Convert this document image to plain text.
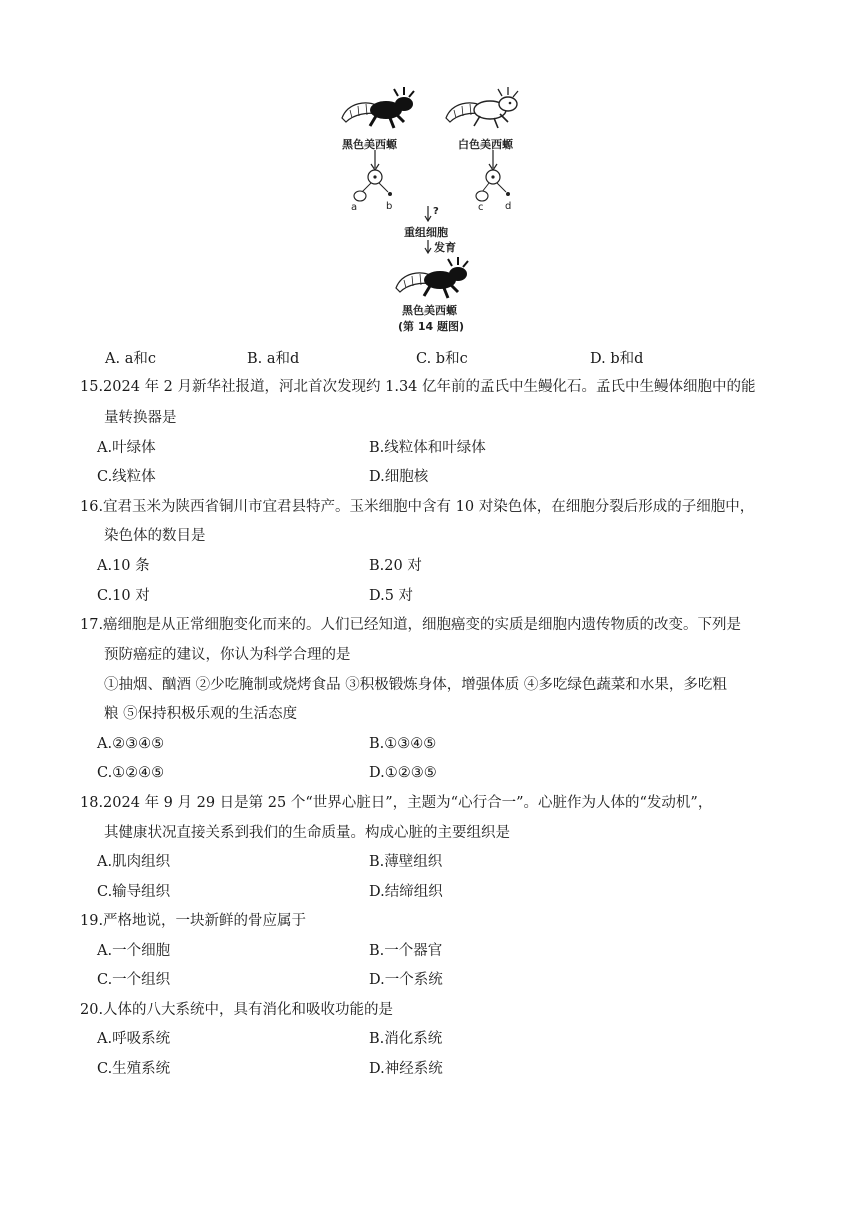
黑色美西螈	白色美西螈
a	b	c d
?
重组细胞
发育
黑色美西螈
(第 14 题图)
A. a和c	B. a和d	C. b和c	D. b和d
15.2024 年 2 月新华社报道，河北首次发现约 1.34 亿年前的孟氏中生鳗化石。孟氏中生鳗体细胞中的能
量转换器是
A.叶绿体	B.线粒体和叶绿体
C.线粒体	D.细胞核
16.宜君玉米为陕西省铜川市宜君县特产。玉米细胞中含有 10 对染色体，在细胞分裂后形成的子细胞中，
染色体的数目是
A.10 条	B.20 对
C.10 对	D.5 对
17.癌细胞是从正常细胞变化而来的。人们已经知道，细胞癌变的实质是细胞内遗传物质的改变。下列是
预防癌症的建议，你认为科学合理的是
①抽烟、酗酒 ②少吃腌制或烧烤食品 ③积极锻炼身体，增强体质 ④多吃绿色蔬菜和水果，多吃粗
粮 ⑤保持积极乐观的生活态度
A.②③④⑤	B.①③④⑤
C.①②④⑤	D.①②③⑤
18.2024 年 9 月 29 日是第 25 个“世界心脏日”，主题为“心行合一”。心脏作为人体的“发动机”，
其健康状况直接关系到我们的生命质量。构成心脏的主要组织是
A.肌肉组织	B.薄壁组织
C.输导组织	D.结缔组织
19.严格地说，一块新鲜的骨应属于
A.一个细胞	B.一个器官
C.一个组织	D.一个系统
20.人体的八大系统中，具有消化和吸收功能的是
A.呼吸系统	B.消化系统
C.生殖系统	D.神经系统
